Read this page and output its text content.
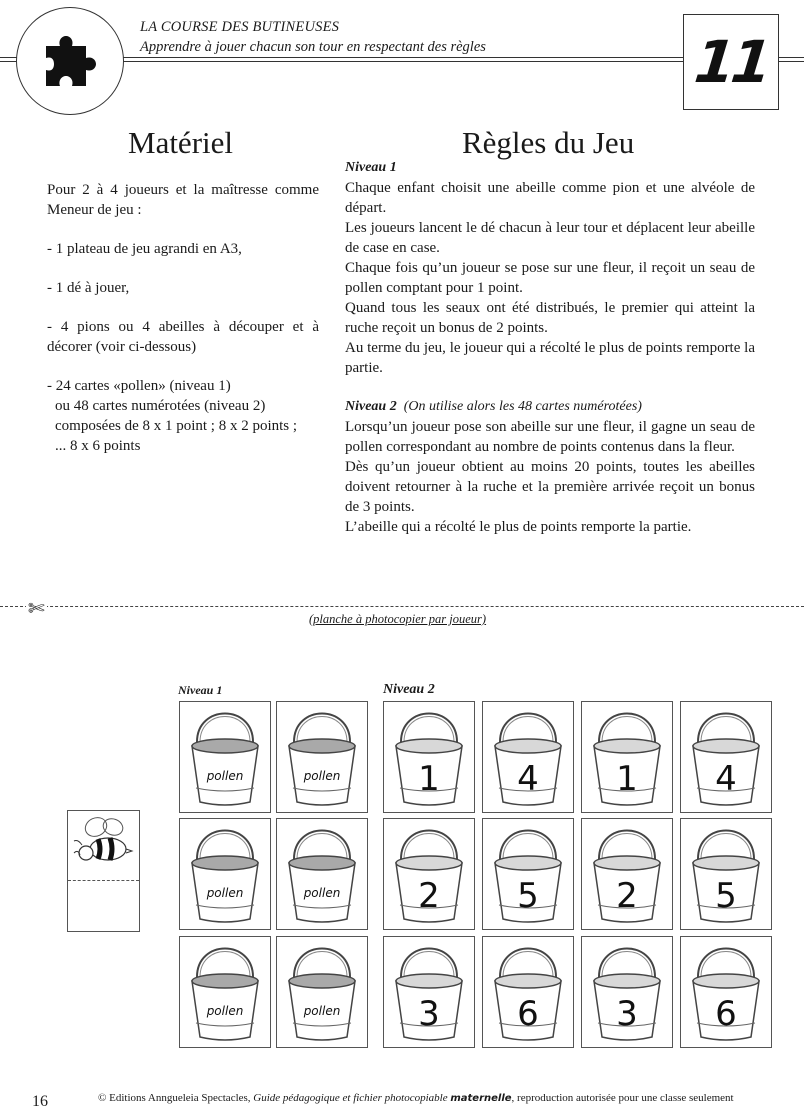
LA COURSE DES BUTINEUSES
Apprendre à jouer chacun son tour en respectant des règles	11
Matériel	Règles du Jeu

Pour 2 à 4 joueurs et la maîtresse comme Meneur de jeu :

- 1 plateau de jeu agrandi en A3,

- 1 dé à jouer,

- 4 pions ou 4 abeilles à découper et à décorer (voir ci-dessous)

- 24 cartes «pollen» (niveau 1)

ou 48 cartes numérotées (niveau 2)

composées de 8 x 1 point ; 8 x 2 points ;

... 8 x 6 points

Niveau 1

Chaque enfant choisit une abeille comme pion et une alvéole de départ.

Les joueurs lancent le dé chacun à leur tour et déplacent leur abeille de case en case.

Chaque fois qu’un joueur se pose sur une fleur, il reçoit un seau de pollen comptant pour 1 point.

Quand tous les seaux ont été distribués, le premier qui atteint la ruche reçoit un bonus de 2 points.

Au terme du jeu, le joueur qui a récolté le plus de points remporte la partie.

Niveau 2 (On utilise alors les 48 cartes numérotées)

Lorsqu’un joueur pose son abeille sur une fleur, il gagne un seau de pollen correspondant au nombre de points contenus dans la fleur.

Dès qu’un joueur obtient au moins 20 points, toutes les abeilles doivent retourner à la ruche et la première arrivée reçoit un bonus de 3 points.

L’abeille qui a récolté le plus de points remporte la partie.

✄	(planche à photocopier par joueur)
Niveau 1	Niveau 2
pollen	pollen
pollen	pollen
pollen	pollen
1 4 1 4
2 5 2 5
3 6 3 6
16	© Editions Anngueleia Spectacles, Guide pédagogique et fichier photocopiable maternelle, reproduction autorisée pour une classe seulement
